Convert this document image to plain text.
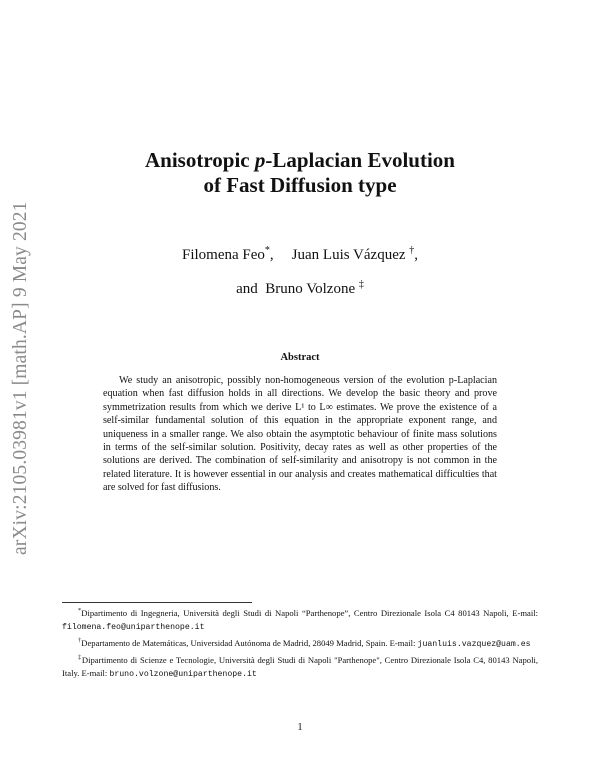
arXiv:2105.03981v1 [math.AP] 9 May 2021
Anisotropic p-Laplacian Evolution
of Fast Diffusion type
Filomena Feo*, Juan Luis Vázquez †,
and Bruno Volzone ‡
Abstract
We study an anisotropic, possibly non-homogeneous version of the evolution p-Laplacian equation when fast diffusion holds in all directions. We develop the basic theory and prove symmetrization results from which we derive L¹ to L∞ estimates. We prove the existence of a self-similar fundamental solution of this equation in the appropriate exponent range, and uniqueness in a smaller range. We also obtain the asymptotic behaviour of finite mass solutions in terms of the self-similar solution. Positivity, decay rates as well as other properties of the solutions are derived. The combination of self-similarity and anisotropy is not common in the related literature. It is however essential in our analysis and creates mathematical difficulties that are solved for fast diffusions.
*Dipartimento di Ingegneria, Università degli Studi di Napoli “Parthenope”, Centro Direzionale Isola C4 80143 Napoli, E-mail: filomena.feo@uniparthenope.it
†Departamento de Matemáticas, Universidad Autónoma de Madrid, 28049 Madrid, Spain. E-mail: juanluis.vazquez@uam.es
‡Dipartimento di Scienze e Tecnologie, Università degli Studi di Napoli "Parthenope", Centro Direzionale Isola C4, 80143 Napoli, Italy. E-mail: bruno.volzone@uniparthenope.it
1
